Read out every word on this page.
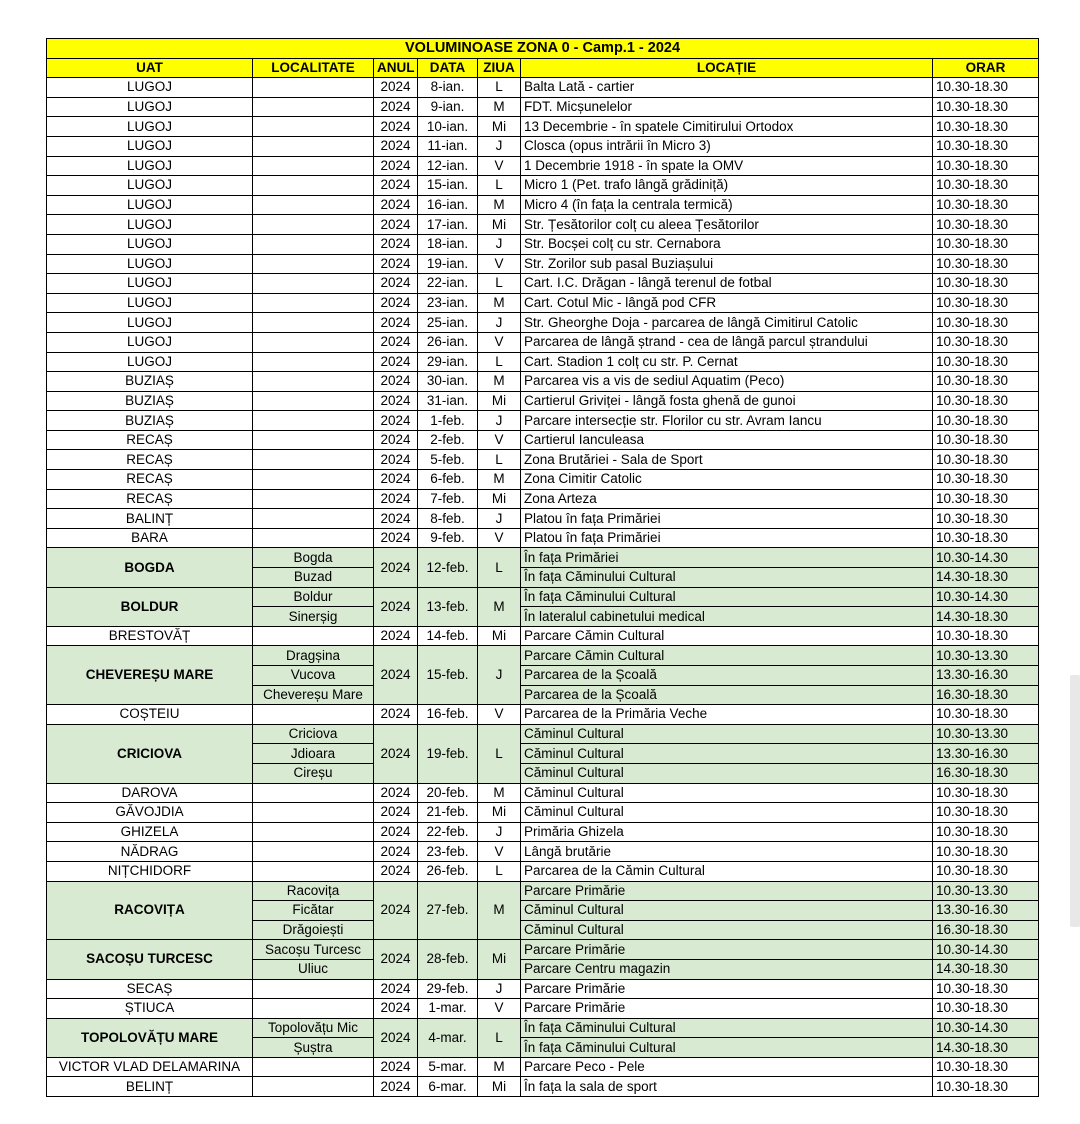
VOLUMINOASE ZONA 0 - Camp.1 - 2024						
UAT	LOCALITATE	ANUL	DATA	ZIUA	LOCAȚIE	ORAR
LUGOJ		2024	8-ian.	L	Balta Lată - cartier	10.30-18.30
LUGOJ		2024	9-ian.	M	FDT. Micșunelelor	10.30-18.30
LUGOJ		2024	10-ian.	Mi	13 Decembrie - în spatele Cimitirului Ortodox	10.30-18.30
LUGOJ		2024	11-ian.	J	Closca (opus intrării în Micro 3)	10.30-18.30
LUGOJ		2024	12-ian.	V	1 Decembrie 1918 - în spate la OMV	10.30-18.30
LUGOJ		2024	15-ian.	L	Micro 1 (Pet. trafo lângă grădiniță)	10.30-18.30
LUGOJ		2024	16-ian.	M	Micro 4 (în fața la centrala termică)	10.30-18.30
LUGOJ		2024	17-ian.	Mi	Str. Țesătorilor colț cu aleea Țesătorilor	10.30-18.30
LUGOJ		2024	18-ian.	J	Str. Bocșei colț cu str. Cernabora	10.30-18.30
LUGOJ		2024	19-ian.	V	Str. Zorilor sub pasal Buziașului	10.30-18.30
LUGOJ		2024	22-ian.	L	Cart. I.C. Drăgan - lângă terenul de fotbal	10.30-18.30
LUGOJ		2024	23-ian.	M	Cart. Cotul Mic - lângă pod CFR	10.30-18.30
LUGOJ		2024	25-ian.	J	Str. Gheorghe Doja - parcarea de lângă Cimitirul Catolic	10.30-18.30
LUGOJ		2024	26-ian.	V	Parcarea de lângă ștrand - cea de lângă parcul ștrandului	10.30-18.30
LUGOJ		2024	29-ian.	L	Cart. Stadion 1 colț cu str. P. Cernat	10.30-18.30
BUZIAȘ		2024	30-ian.	M	Parcarea vis a vis de sediul Aquatim (Peco)	10.30-18.30
BUZIAȘ		2024	31-ian.	Mi	Cartierul Griviței - lângă fosta ghenă de gunoi	10.30-18.30
BUZIAȘ		2024	1-feb.	J	Parcare intersecție str. Florilor cu str. Avram Iancu	10.30-18.30
RECAȘ		2024	2-feb.	V	Cartierul Ianculeasa	10.30-18.30
RECAȘ		2024	5-feb.	L	Zona Brutăriei - Sala de Sport	10.30-18.30
RECAȘ		2024	6-feb.	M	Zona Cimitir Catolic	10.30-18.30
RECAȘ		2024	7-feb.	Mi	Zona Arteza	10.30-18.30
BALINȚ		2024	8-feb.	J	Platou în fața Primăriei	10.30-18.30
BARA		2024	9-feb.	V	Platou în fața Primăriei	10.30-18.30
BOGDA	Bogda	2024	12-feb.	L	În fața Primăriei	10.30-14.30
	Buzad				În fața Căminului Cultural	14.30-18.30
BOLDUR	Boldur	2024	13-feb.	M	În fața Căminului Cultural	10.30-14.30
	Sinerșig				În lateralul cabinetului medical	14.30-18.30
BRESTOVĂȚ		2024	14-feb.	Mi	Parcare Cămin Cultural	10.30-18.30
CHEVEREȘU MARE	Dragșina	2024	15-feb.	J	Parcare Cămin Cultural	10.30-13.30
	Vucova				Parcarea de la Școală	13.30-16.30
	Chevereșu Mare				Parcarea de la Școală	16.30-18.30
COȘTEIU		2024	16-feb.	V	Parcarea de la Primăria Veche	10.30-18.30
CRICIOVA	Criciova	2024	19-feb.	L	Căminul Cultural	10.30-13.30
	Jdioara				Căminul Cultural	13.30-16.30
	Cireșu				Căminul Cultural	16.30-18.30
DAROVA		2024	20-feb.	M	Căminul Cultural	10.30-18.30
GĂVOJDIA		2024	21-feb.	Mi	Căminul Cultural	10.30-18.30
GHIZELA		2024	22-feb.	J	Primăria Ghizela	10.30-18.30
NĂDRAG		2024	23-feb.	V	Lângă brutărie	10.30-18.30
NIȚCHIDORF		2024	26-feb.	L	Parcarea de la Cămin Cultural	10.30-18.30
RACOVIȚA	Racovița	2024	27-feb.	M	Parcare Primărie	10.30-13.30
	Ficătar				Căminul Cultural	13.30-16.30
	Drăgoiești				Căminul Cultural	16.30-18.30
SACOȘU TURCESC	Sacoșu Turcesc	2024	28-feb.	Mi	Parcare Primărie	10.30-14.30
	Uliuc				Parcare Centru magazin	14.30-18.30
SECAȘ		2024	29-feb.	J	Parcare Primărie	10.30-18.30
ȘTIUCA		2024	1-mar.	V	Parcare Primărie	10.30-18.30
TOPOLOVĂȚU MARE	Topolovățu Mic	2024	4-mar.	L	În fața Căminului Cultural	10.30-14.30
	Șuștra				În fața Căminului Cultural	14.30-18.30
VICTOR VLAD DELAMARINA		2024	5-mar.	M	Parcare Peco - Pele	10.30-18.30
BELINȚ		2024	6-mar.	Mi	În fața la sala de sport	10.30-18.30
